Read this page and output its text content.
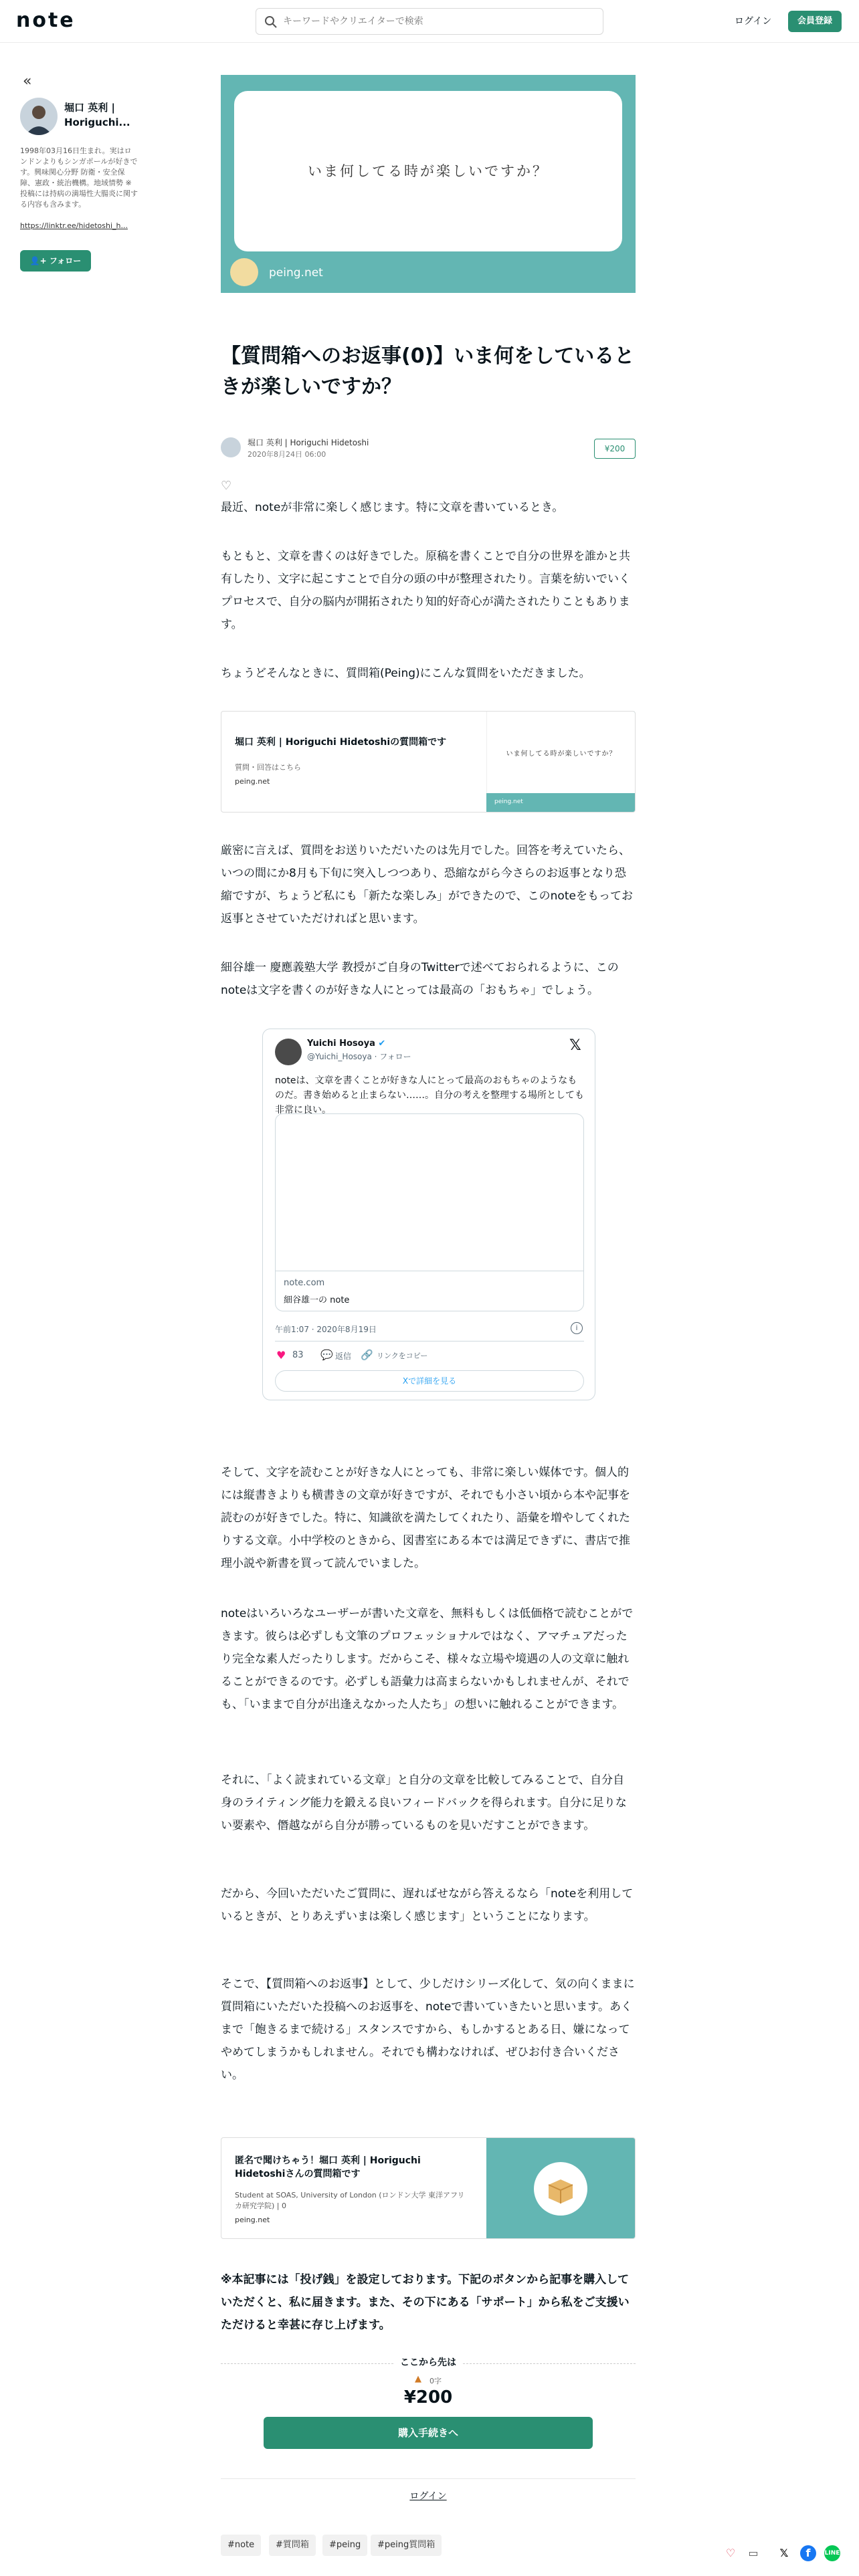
note
キーワードやクリエイターで検索	ログイン	会員登録
«
堀口 英利 | Horiguchi...
1998年03月16日生まれ。実はロンドンよりもシンガポールが好きです。興味関心分野 防衛・安全保障、憲政・統治機構。地域情勢 ※投稿には持病の満場性大腸炎に関する内容も含みます。
https://linktr.ee/hidetoshi_h...
👤+ フォロー
いま何してる時が楽しいですか？
peing.net
【質問箱へのお返事(0)】いま何をしているときが楽しいですか？
堀口 英利 | Horiguchi Hidetoshi
2020年8月24日 06:00
¥200
♡
最近、noteが非常に楽しく感じます。特に文章を書いているとき。
もともと、文章を書くのは好きでした。原稿を書くことで自分の世界を誰かと共有したり、文字に起こすことで自分の頭の中が整理されたり。言葉を紡いでいくプロセスで、自分の脳内が開拓されたり知的好奇心が満たされたりこともあります。
ちょうどそんなときに、質問箱(Peing)にこんな質問をいただきました。
堀口 英利 | Horiguchi Hidetoshiの質問箱です
質問・回答はこちら
peing.net
いま何してる時が楽しいですか？
peing.net
厳密に言えば、質問をお送りいただいたのは先月でした。回答を考えていたら、いつの間にか8月も下旬に突入しつつあり、恐縮ながら今さらのお返事となり恐縮ですが、ちょうど私にも「新たな楽しみ」ができたので、このnoteをもってお返事とさせていただければと思います。
細谷雄一 慶應義塾大学 教授がご自身のTwitterで述べておられるように、このnoteは文字を書くのが好きな人にとっては最高の「おもちゃ」でしょう。
Yuichi Hosoya ✔
@Yuichi_Hosoya · フォロー
𝕏
noteは、文章を書くことが好きな人にとって最高のおもちゃのようなものだ。書き始めると止まらない……。自分の考えを整理する場所としても非常に良い。
note.com
細谷雄一の note
午前1:07 · 2020年8月19日	i
♥ 83 💬 返信 🔗 リンクをコピー
Xで詳細を見る
そして、文字を読むことが好きな人にとっても、非常に楽しい媒体です。個人的には縦書きよりも横書きの文章が好きですが、それでも小さい頃から本や記事を読むのが好きでした。特に、知識欲を満たしてくれたり、語彙を増やしてくれたりする文章。小中学校のときから、図書室にある本では満足できずに、書店で推理小説や新書を買って読んでいました。
noteはいろいろなユーザーが書いた文章を、無料もしくは低価格で読むことができます。彼らは必ずしも文筆のプロフェッショナルではなく、アマチュアだったり完全な素人だったりします。だからこそ、様々な立場や境遇の人の文章に触れることができるのです。必ずしも語彙力は高まらないかもしれませんが、それでも、「いままで自分が出逢えなかった人たち」の想いに触れることができます。
それに、「よく読まれている文章」と自分の文章を比較してみることで、自分自身のライティング能力を鍛える良いフィードバックを得られます。自分に足りない要素や、僭越ながら自分が勝っているものを見いだすことができます。
だから、今回いただいたご質問に、遅ればせながら答えるなら「noteを利用しているときが、とりあえずいまは楽しく感じます」ということになります。
そこで、【質問箱へのお返事】として、少しだけシリーズ化して、気の向くままに質問箱にいただいた投稿へのお返事を、noteで書いていきたいと思います。あくまで「飽きるまで続ける」スタンスですから、もしかするとある日、嫌になってやめてしまうかもしれません。それでも構わなければ、ぜひお付き合いください。
匿名で聞けちゃう！堀口 英利 | Horiguchi Hidetoshiさんの質問箱です
Student at SOAS, University of London (ロンドン大学 東洋アフリカ研究学院) | 0
peing.net
※本記事には「投げ銭」を設定しております。下記のボタンから記事を購入していただくと、私に届きます。また、その下にある「サポート」から私をご支援いただけると幸甚に存じ上げます。
ここから先は
▲ 0字
¥200
購入手続きへ
ログイン
#note	#質問箱	#peing	#peing質問箱
♡	▭	𝕏	f	LINE
